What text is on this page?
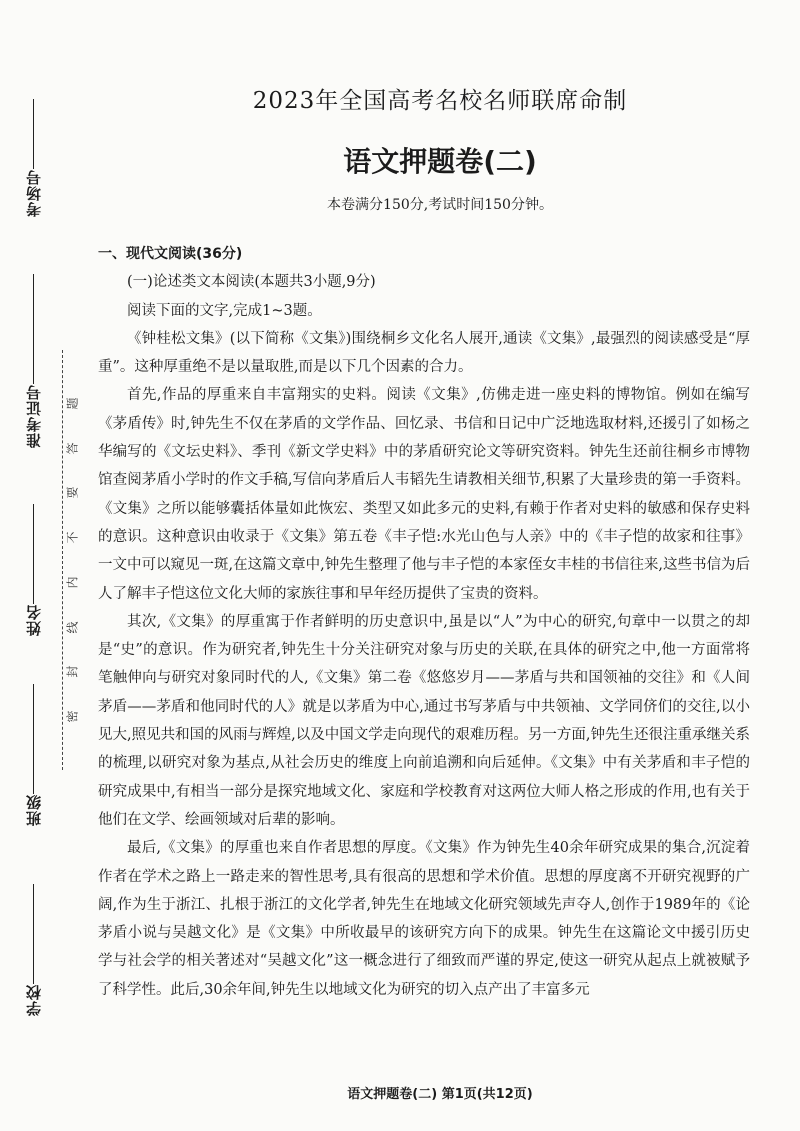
考场号
准考证号
姓名
班级
学校
题
答
要
不
内
线
封
密
2023年全国高考名校名师联席命制
语文押题卷(二)
本卷满分150分,考试时间150分钟。
一、现代文阅读(36分)
(一)论述类文本阅读(本题共3小题,9分)
阅读下面的文字,完成1~3题。

《钟桂松文集》(以下简称《文集》)围绕桐乡文化名人展开,通读《文集》,最强烈的阅读感受是“厚重”。这种厚重绝不是以量取胜,而是以下几个因素的合力。

首先,作品的厚重来自丰富翔实的史料。阅读《文集》,仿佛走进一座史料的博物馆。例如在编写《茅盾传》时,钟先生不仅在茅盾的文学作品、回忆录、书信和日记中广泛地选取材料,还援引了如杨之华编写的《文坛史料》、季刊《新文学史料》中的茅盾研究论文等研究资料。钟先生还前往桐乡市博物馆查阅茅盾小学时的作文手稿,写信向茅盾后人韦韬先生请教相关细节,积累了大量珍贵的第一手资料。《文集》之所以能够囊括体量如此恢宏、类型又如此多元的史料,有赖于作者对史料的敏感和保存史料的意识。这种意识由收录于《文集》第五卷《丰子恺:水光山色与人亲》中的《丰子恺的故家和往事》一文中可以窥见一斑,在这篇文章中,钟先生整理了他与丰子恺的本家侄女丰桂的书信往来,这些书信为后人了解丰子恺这位文化大师的家族往事和早年经历提供了宝贵的资料。

其次,《文集》的厚重寓于作者鲜明的历史意识中,虽是以“人”为中心的研究,句章中一以贯之的却是“史”的意识。作为研究者,钟先生十分关注研究对象与历史的关联,在具体的研究之中,他一方面常将笔触伸向与研究对象同时代的人,《文集》第二卷《悠悠岁月——茅盾与共和国领袖的交往》和《人间茅盾——茅盾和他同时代的人》就是以茅盾为中心,通过书写茅盾与中共领袖、文学同侪们的交往,以小见大,照见共和国的风雨与辉煌,以及中国文学走向现代的艰难历程。另一方面,钟先生还很注重承继关系的梳理,以研究对象为基点,从社会历史的维度上向前追溯和向后延伸。《文集》中有关茅盾和丰子恺的研究成果中,有相当一部分是探究地域文化、家庭和学校教育对这两位大师人格之形成的作用,也有关于他们在文学、绘画领域对后辈的影响。

最后,《文集》的厚重也来自作者思想的厚度。《文集》作为钟先生40余年研究成果的集合,沉淀着作者在学术之路上一路走来的智性思考,具有很高的思想和学术价值。思想的厚度离不开研究视野的广阔,作为生于浙江、扎根于浙江的文化学者,钟先生在地域文化研究领域先声夺人,创作于1989年的《论茅盾小说与吴越文化》是《文集》中所收最早的该研究方向下的成果。钟先生在这篇论文中援引历史学与社会学的相关著述对“吴越文化”这一概念进行了细致而严谨的界定,使这一研究从起点上就被赋予了科学性。此后,30余年间,钟先生以地域文化为研究的切入点产出了丰富多元

语文押题卷(二) 第1页(共12页)
